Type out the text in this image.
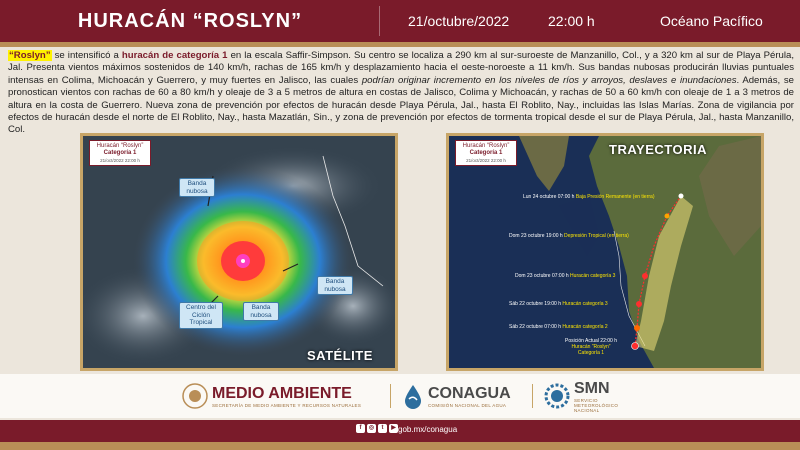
HURACÁN “ROSLYN”	21/octubre/2022	22:00 h	Océano Pacífico
“Roslyn” se intensificó a huracán de categoría 1 en la escala Saffir-Simpson. Su centro se localiza a 290 km al sur-suroeste de Manzanillo, Col., y a 320 km al sur de Playa Pérula, Jal. Presenta vientos máximos sostenidos de 140 km/h, rachas de 165 km/h y desplazamiento hacia el oeste-noroeste a 11 km/h. Sus bandas nubosas producirán lluvias puntuales intensas en Colima, Michoacán y Guerrero, y muy fuertes en Jalisco, las cuales podrían originar incremento en los niveles de ríos y arroyos, deslaves e inundaciones. Además, se pronostican vientos con rachas de 60 a 80 km/h y oleaje de 3 a 5 metros de altura en costas de Jalisco, Colima y Michoacán, y rachas de 50 a 60 km/h con oleaje de 1 a 3 metros de altura en la costa de Guerrero. Nueva zona de prevención por efectos de huracán desde Playa Pérula, Jal., hasta El Roblito, Nay., incluidas las Islas Marías. Zona de vigilancia por efectos de huracán desde el norte de El Roblito, Nay., hasta Mazatlán, Sin., y zona de prevención por efectos de tormenta tropical desde el sur de Playa Pérula, Jal., hasta Manzanillo, Col.
Huracán “Roslyn”
Categoría 1
21/oct/2022 22:00 h
Banda nubosa
Banda nubosa
Banda nubosa
Centro del Ciclón Tropical
SATÉLITE
Huracán “Roslyn”
Categoría 1
21/oct/2022 22:00 h
TRAYECTORIA
Lun 24 octubre 07:00 h Baja Presión Remanente (en tierra)
Dom 23 octubre 19:00 h Depresión Tropical (en tierra)
Dom 23 octubre 07:00 h Huracán categoría 3
Sáb 22 octubre 19:00 h Huracán categoría 3
Sáb 22 octubre 07:00 h Huracán categoría 2
Posición Actual 22:00 h
Huracán “Roslyn”
Categoría 1
MEDIO AMBIENTE
SECRETARÍA DE MEDIO AMBIENTE Y RECURSOS NATURALES
CONAGUA
COMISIÓN NACIONAL DEL AGUA
SMN
SERVICIO METEOROLÓGICO NACIONAL
f	◎	t	▶ gob.mx/conagua
